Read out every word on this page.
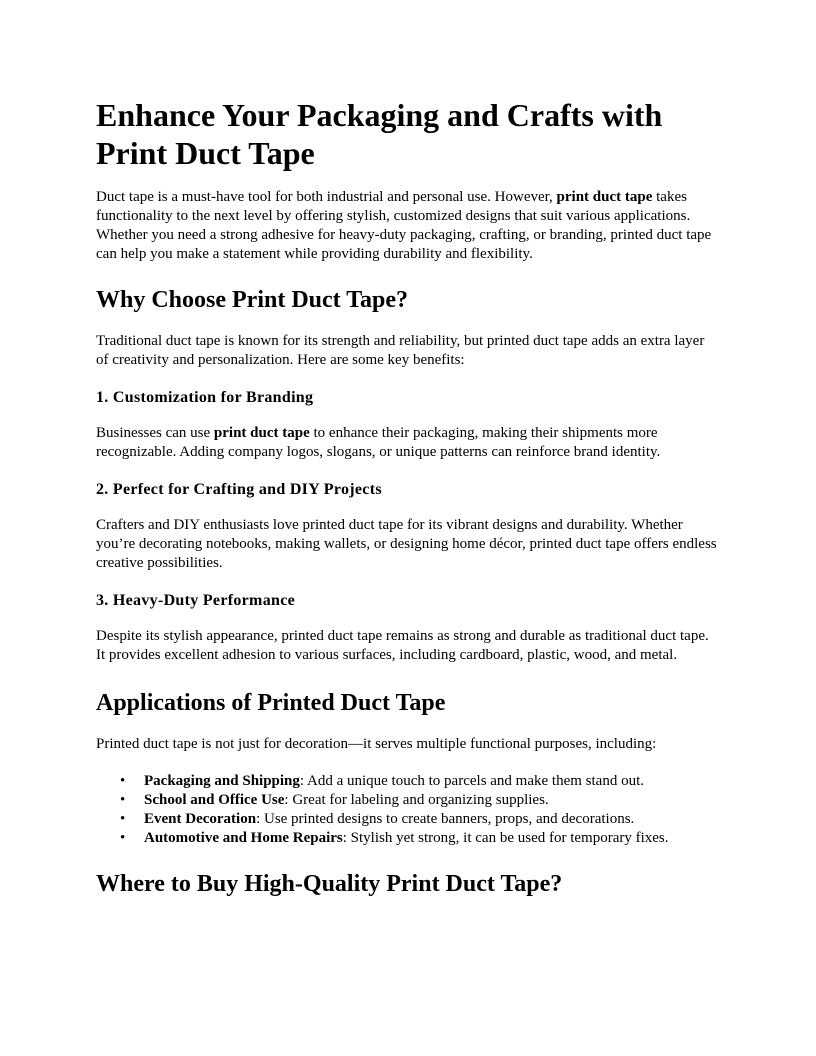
Enhance Your Packaging and Crafts with Print Duct Tape

Duct tape is a must-have tool for both industrial and personal use. However, print duct tape takes functionality to the next level by offering stylish, customized designs that suit various applications. Whether you need a strong adhesive for heavy-duty packaging, crafting, or branding, printed duct tape can help you make a statement while providing durability and flexibility.

Why Choose Print Duct Tape?

Traditional duct tape is known for its strength and reliability, but printed duct tape adds an extra layer of creativity and personalization. Here are some key benefits:

1. Customization for Branding

Businesses can use print duct tape to enhance their packaging, making their shipments more recognizable. Adding company logos, slogans, or unique patterns can reinforce brand identity.

2. Perfect for Crafting and DIY Projects

Crafters and DIY enthusiasts love printed duct tape for its vibrant designs and durability. Whether you’re decorating notebooks, making wallets, or designing home décor, printed duct tape offers endless creative possibilities.

3. Heavy-Duty Performance

Despite its stylish appearance, printed duct tape remains as strong and durable as traditional duct tape. It provides excellent adhesion to various surfaces, including cardboard, plastic, wood, and metal.

Applications of Printed Duct Tape

Printed duct tape is not just for decoration—it serves multiple functional purposes, including:

• Packaging and Shipping: Add a unique touch to parcels and make them stand out.
• School and Office Use: Great for labeling and organizing supplies.
• Event Decoration: Use printed designs to create banners, props, and decorations.
• Automotive and Home Repairs: Stylish yet strong, it can be used for temporary fixes.
Where to Buy High-Quality Print Duct Tape?
